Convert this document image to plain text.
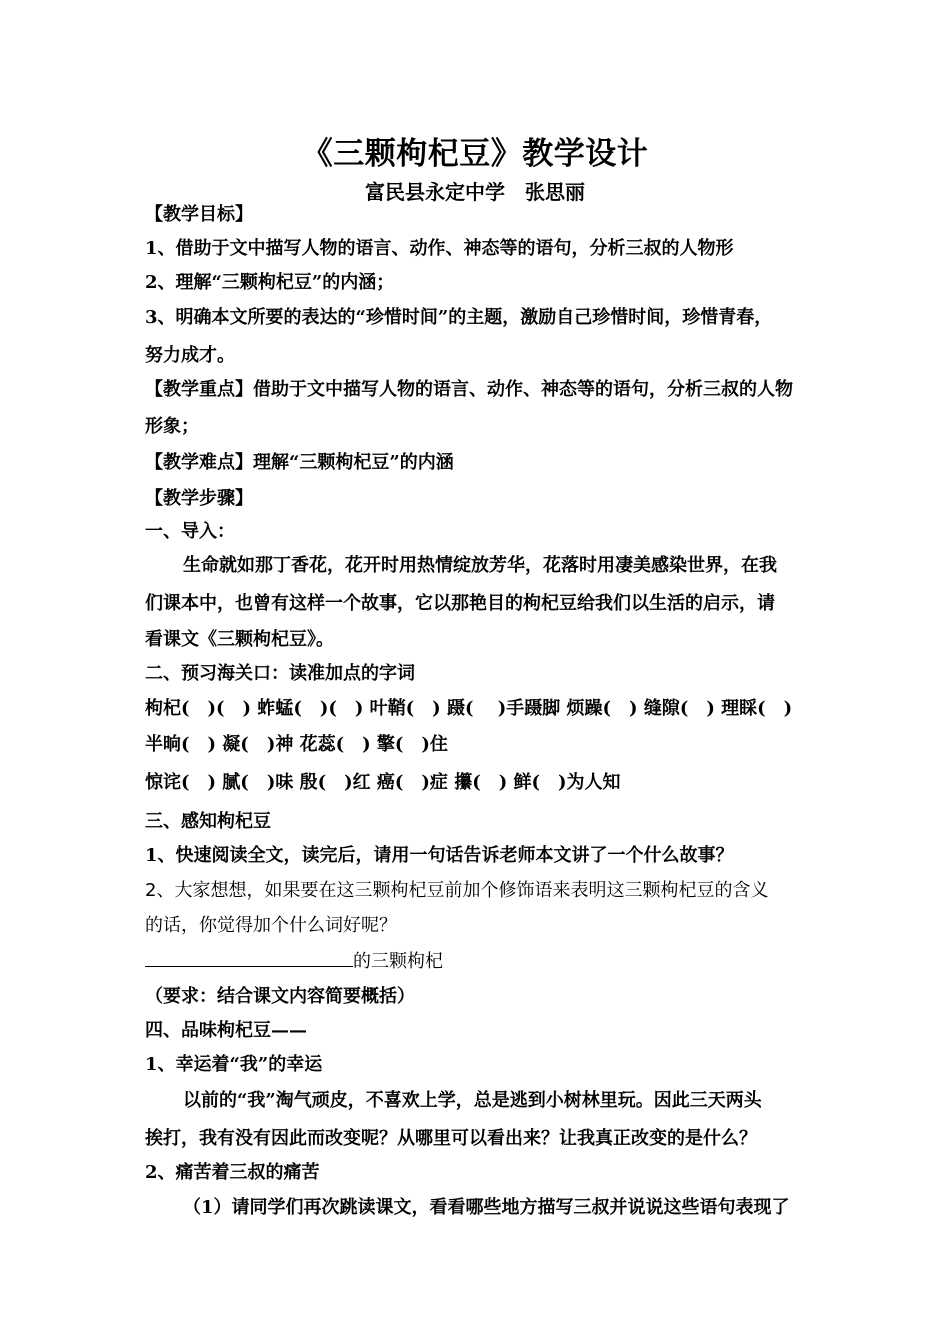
《三颗枸杞豆》教学设计
富民县永定中学　张思丽
【教学目标】
1、借助于文中描写人物的语言、动作、神态等的语句，分析三叔的人物形
2、理解“三颗枸杞豆”的内涵；
3、明确本文所要的表达的“珍惜时间”的主题，激励自己珍惜时间，珍惜青春，
努力成才。
【教学重点】借助于文中描写人物的语言、动作、神态等的语句，分析三叔的人物
形象；
【教学难点】理解“三颗枸杞豆”的内涵
【教学步骤】
一、导入：
生命就如那丁香花，花开时用热情绽放芳华，花落时用凄美感染世界，在我
们课本中，也曾有这样一个故事，它以那艳目的枸杞豆给我们以生活的启示，请
看课文《三颗枸杞豆》。
二、预习海关口：读准加点的字词
枸杞(　)(　) 蚱蜢(　)(　) 叶鞘(　) 蹑(　 )手蹑脚 烦躁(　) 缝隙(　) 理睬(　)
半晌(　) 凝(　)神 花蕊(　) 擎(　)住
惊诧(　) 腻(　)味 殷(　)红 癌(　)症 攥(　) 鲜(　)为人知
三、感知枸杞豆
1、快速阅读全文，读完后，请用一句话告诉老师本文讲了一个什么故事？
2、大家想想，如果要在这三颗枸杞豆前加个修饰语来表明这三颗枸杞豆的含义
的话，你觉得加个什么词好呢？
的三颗枸杞
（要求：结合课文内容简要概括）
四、品味枸杞豆——
1、幸运着“我”的幸运
以前的“我”淘气顽皮，不喜欢上学，总是逃到小树林里玩。因此三天两头
挨打，我有没有因此而改变呢？从哪里可以看出来？让我真正改变的是什么？
2、痛苦着三叔的痛苦
（1）请同学们再次跳读课文，看看哪些地方描写三叔并说说这些语句表现了
